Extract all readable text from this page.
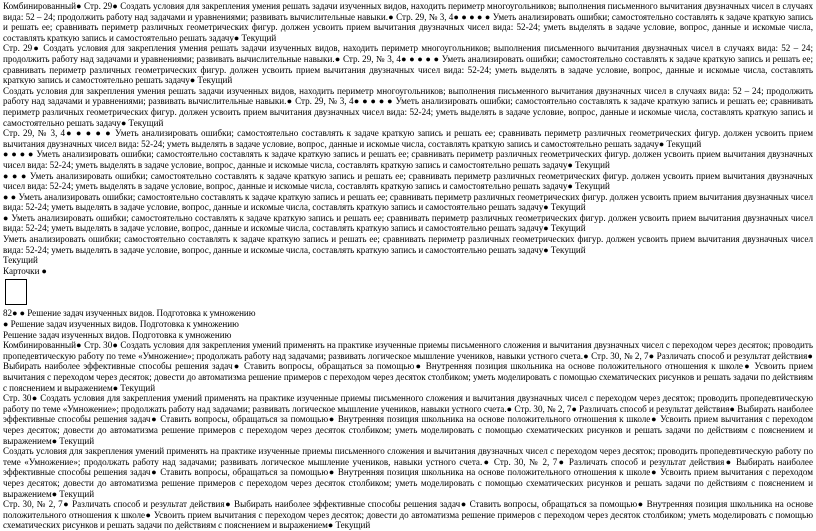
Комбинированный● Стр. 29● Создать условия для закрепления умения решать задачи изученных видов, находить периметр многоугольников; выполнения письменного вычитания двузначных чисел в случаях вида: 52 – 24; продолжить работу над задачами и уравнениями; развивать вычислительные навыки.● Стр. 29, № 3, 4● ● ● ● ● Уметь анализировать ошибки; самостоятельно составлять к задаче краткую запись и решать ее; сравнивать периметр различных геометрических фигур. должен усвоить прием вычитания двузначных чисел вида: 52-24; уметь выделять в задаче условие, вопрос, данные и искомые числа, составлять краткую запись и самостоятельно решать задачу● Текущий

Стр. 29● Создать условия для закрепления умения решать задачи изученных видов, находить периметр многоугольников; выполнения письменного вычитания двузначных чисел в случаях вида: 52 – 24; продолжить работу над задачами и уравнениями; развивать вычислительные навыки.● Стр. 29, № 3, 4● ● ● ● ● Уметь анализировать ошибки; самостоятельно составлять к задаче краткую запись и решать ее; сравнивать периметр различных геометрических фигур. должен усвоить прием вычитания двузначных чисел вида: 52-24; уметь выделять в задаче условие, вопрос, данные и искомые числа, составлять краткую запись и самостоятельно решать задачу● Текущий

Создать условия для закрепления умения решать задачи изученных видов, находить периметр многоугольников; выполнения письменного вычитания двузначных чисел в случаях вида: 52 – 24; продолжить работу над задачами и уравнениями; развивать вычислительные навыки.● Стр. 29, № 3, 4● ● ● ● ● Уметь анализировать ошибки; самостоятельно составлять к задаче краткую запись и решать ее; сравнивать периметр различных геометрических фигур. должен усвоить прием вычитания двузначных чисел вида: 52-24; уметь выделять в задаче условие, вопрос, данные и искомые числа, составлять краткую запись и самостоятельно решать задачу● Текущий

Стр. 29, № 3, 4● ● ● ● ● Уметь анализировать ошибки; самостоятельно составлять к задаче краткую запись и решать ее; сравнивать периметр различных геометрических фигур. должен усвоить прием вычитания двузначных чисел вида: 52-24; уметь выделять в задаче условие, вопрос, данные и искомые числа, составлять краткую запись и самостоятельно решать задачу● Текущий

● ● ● ● Уметь анализировать ошибки; самостоятельно составлять к задаче краткую запись и решать ее; сравнивать периметр различных геометрических фигур. должен усвоить прием вычитания двузначных чисел вида: 52-24; уметь выделять в задаче условие, вопрос, данные и искомые числа, составлять краткую запись и самостоятельно решать задачу● Текущий

● ● ● Уметь анализировать ошибки; самостоятельно составлять к задаче краткую запись и решать ее; сравнивать периметр различных геометрических фигур. должен усвоить прием вычитания двузначных чисел вида: 52-24; уметь выделять в задаче условие, вопрос, данные и искомые числа, составлять краткую запись и самостоятельно решать задачу● Текущий

● ● Уметь анализировать ошибки; самостоятельно составлять к задаче краткую запись и решать ее; сравнивать периметр различных геометрических фигур. должен усвоить прием вычитания двузначных чисел вида: 52-24; уметь выделять в задаче условие, вопрос, данные и искомые числа, составлять краткую запись и самостоятельно решать задачу● Текущий

● Уметь анализировать ошибки; самостоятельно составлять к задаче краткую запись и решать ее; сравнивать периметр различных геометрических фигур. должен усвоить прием вычитания двузначных чисел вида: 52-24; уметь выделять в задаче условие, вопрос, данные и искомые числа, составлять краткую запись и самостоятельно решать задачу● Текущий

Уметь анализировать ошибки; самостоятельно составлять к задаче краткую запись и решать ее; сравнивать периметр различных геометрических фигур. должен усвоить прием вычитания двузначных чисел вида: 52-24; уметь выделять в задаче условие, вопрос, данные и искомые числа, составлять краткую запись и самостоятельно решать задачу● Текущий

Текущий

Карточки ●

82● ● Решение задач изученных видов. Подготовка к умножению

● Решение задач изученных видов. Подготовка к умножению

Решение задач изученных видов. Подготовка к умножению

Комбинированный● Стр. 30● Создать условия для закрепления умений применять на практике изученные приемы письменного сложения и вычитания двузначных чисел с переходом через десяток; проводить пропедевтическую работу по теме «Умножение»; продолжать работу над задачами; развивать логическое мышление учеников, навыки устного счета.● Стр. 30, № 2, 7● Различать способ и результат действия● Выбирать наиболее эффективные способы решения задач● Ставить вопросы, обращаться за помощью● Внутренняя позиция школьника на основе положительного отношения к школе● Усвоить прием вычитания с переходом через десяток; довести до автоматизма решение примеров с переходом через десяток столбиком; уметь моделировать с помощью схематических рисунков и решать задачи по действиям с пояснением и выражением● Текущий

Стр. 30● Создать условия для закрепления умений применять на практике изученные приемы письменного сложения и вычитания двузначных чисел с переходом через десяток; проводить пропедевтическую работу по теме «Умножение»; продолжать работу над задачами; развивать логическое мышление учеников, навыки устного счета.● Стр. 30, № 2, 7● Различать способ и результат действия● Выбирать наиболее эффективные способы решения задач● Ставить вопросы, обращаться за помощью● Внутренняя позиция школьника на основе положительного отношения к школе● Усвоить прием вычитания с переходом через десяток; довести до автоматизма решение примеров с переходом через десяток столбиком; уметь моделировать с помощью схематических рисунков и решать задачи по действиям с пояснением и выражением● Текущий

Создать условия для закрепления умений применять на практике изученные приемы письменного сложения и вычитания двузначных чисел с переходом через десяток; проводить пропедевтическую работу по теме «Умножение»; продолжать работу над задачами; развивать логическое мышление учеников, навыки устного счета.● Стр. 30, № 2, 7● Различать способ и результат действия● Выбирать наиболее эффективные способы решения задач● Ставить вопросы, обращаться за помощью● Внутренняя позиция школьника на основе положительного отношения к школе● Усвоить прием вычитания с переходом через десяток; довести до автоматизма решение примеров с переходом через десяток столбиком; уметь моделировать с помощью схематических рисунков и решать задачи по действиям с пояснением и выражением● Текущий

Стр. 30, № 2, 7● Различать способ и результат действия● Выбирать наиболее эффективные способы решения задач● Ставить вопросы, обращаться за помощью● Внутренняя позиция школьника на основе положительного отношения к школе● Усвоить прием вычитания с переходом через десяток; довести до автоматизма решение примеров с переходом через десяток столбиком; уметь моделировать с помощью схематических рисунков и решать задачи по действиям с пояснением и выражением● Текущий
